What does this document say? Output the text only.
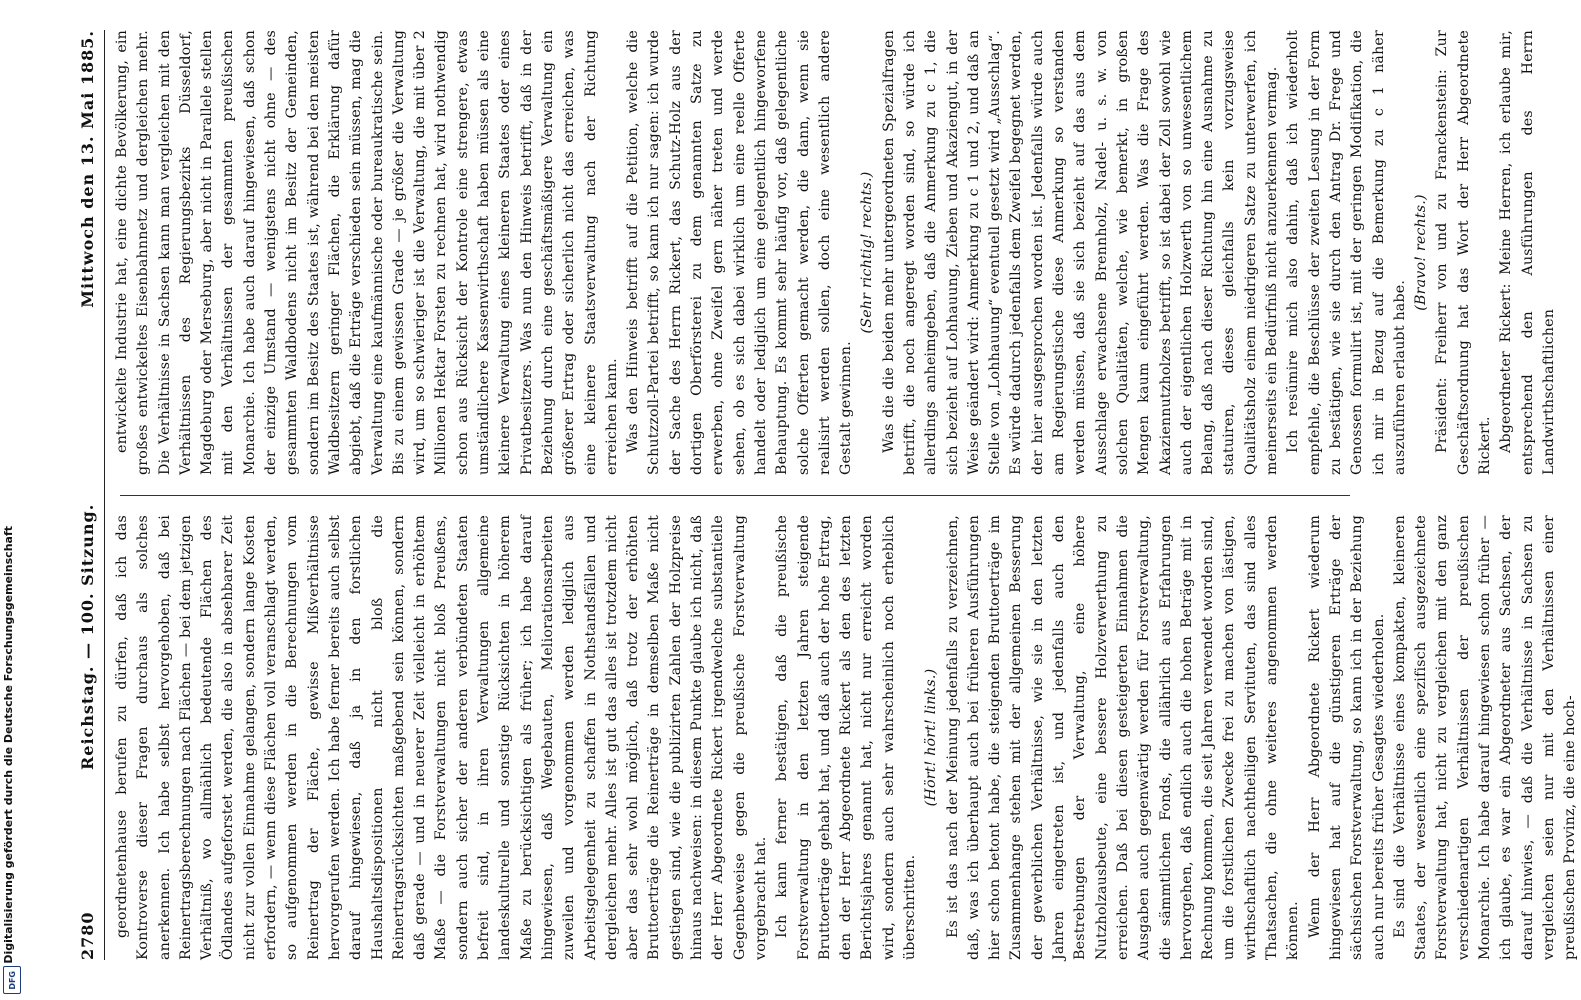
2780
Reichstag. — 100. Sitzung.
Mittwoch den 13. Mai 1885.

geordnetenhause berufen zu dürfen, daß ich das Kontroverse dieser Fragen durchaus als solches anerkennen. Ich habe selbst hervorgehoben, daß bei Reinertragsberechnungen nach Flächen — bei dem jetzigen Verhältniß, wo allmählich bedeutende Flächen des Ödlandes aufgeforstet werden, die also in absehbarer Zeit nicht zur vollen Einnahme gelangen, sondern lange Kosten erfordern, — wenn diese Flächen voll veranschlagt werden, so aufgenommen werden in die Berechnungen vom Reinertrag der Fläche, gewisse Mißverhältnisse hervorgerufen werden. Ich habe ferner bereits auch selbst darauf hingewiesen, daß ja in den forstlichen Haushaltsdispositionen nicht bloß die Reinertragsrücksichten maßgebend sein können, sondern daß gerade — und in neuerer Zeit vielleicht in erhöhtem Maße — die Forstverwaltungen nicht bloß Preußens, sondern auch sicher der anderen verbündeten Staaten befreit sind, in ihren Verwaltungen allgemeine landeskulturelle und sonstige Rücksichten in höherem Maße zu berücksichtigen als früher; ich habe darauf hingewiesen, daß Wegebauten, Meliorationsarbeiten zuweilen und vorgenommen werden lediglich aus Arbeitsgelegenheit zu schaffen in Nothstandsfällen und dergleichen mehr. Alles ist gut das alles ist trotzdem nicht aber das sehr wohl möglich, daß trotz der erhöhten Bruttoerträge die Reinerträge in demselben Maße nicht gestiegen sind, wie die publizirten Zahlen der Holzpreise hinaus nachweisen: in diesem Punkte glaube ich nicht, daß der Herr Abgeordnete Rickert irgendwelche substantielle Gegenbeweise gegen die preußische Forstverwaltung vorgebracht hat. Ich kann ferner bestätigen, daß die preußische Forstverwaltung in den letzten Jahren steigende Bruttoerträge gehabt hat, und daß auch der hohe Ertrag, den der Herr Abgeordnete Rickert als den des letzten Berichtsjahres genannt hat, nicht nur erreicht worden wird, sondern auch sehr wahrscheinlich noch erheblich überschritten.

(Hört! hört! links.) Es ist das nach der Meinung jedenfalls zu verzeichnen, daß, was ich überhaupt auch bei früheren Ausführungen hier schon betont habe, die steigenden Bruttoerträge im Zusammenhange stehen mit der allgemeinen Besserung der gewerblichen Verhältnisse, wie sie in den letzten Jahren eingetreten ist, und jedenfalls auch den Bestrebungen der Verwaltung, eine höhere Nutzholzausbeute, eine bessere Holzverwerthung zu erreichen. Daß bei diesen gesteigerten Einnahmen die Ausgaben auch gegenwärtig werden für Forstverwaltung, die sämmtlichen Fonds, die allährlich aus Erfahrungen hervorgehen, daß endlich auch die hohen Beträge mit in Rechnung kommen, die seit Jahren verwendet worden sind, um die forstlichen Zwecke frei zu machen von lästigen, wirthschaftlich nachtheiligen Servituten, das sind alles Thatsachen, die ohne weiteres angenommen werden können. Wenn der Herr Abgeordnete Rickert wiederum hingewiesen hat auf die günstigeren Erträge der sächsischen Forstverwaltung, so kann ich in der Beziehung auch nur bereits früher Gesagtes wiederholen. Es sind die Verhältnisse eines kompakten, kleineren Staates, der wesentlich eine spezifisch ausgezeichnete Forstverwaltung hat, nicht zu vergleichen mit den ganz verschiedenartigen Verhältnissen der preußischen Monarchie. Ich habe darauf hingewiesen schon früher — ich glaube, es war ein Abgeordneter aus Sachsen, der darauf hinwies, — daß die Verhältnisse in Sachsen zu vergleichen seien nur mit den Verhältnissen einer preußischen Provinz, die eine hoch-

entwickelte Industrie hat, eine dichte Bevölkerung, ein großes entwickeltes Eisenbahnnetz und dergleichen mehr. Die Verhältnisse in Sachsen kann man vergleichen mit den Verhältnissen des Regierungsbezirks Düsseldorf, Magdeburg oder Merseburg, aber nicht in Parallele stellen mit den Verhältnissen der gesammten preußischen Monarchie. Ich habe auch darauf hingewiesen, daß schon der einzige Umstand — wenigstens nicht ohne — des gesammten Waldbodens nicht im Besitz der Gemeinden, sondern im Besitz des Staates ist, während bei den meisten Waldbesitzern geringer Flächen, die Erklärung dafür abgiebt, daß die Erträge verschieden sein müssen, mag die Verwaltung eine kaufmännische oder bureaukratische sein. Bis zu einem gewissen Grade — je größer die Verwaltung wird, um so schwieriger ist die Verwaltung, die mit über 2 Millionen Hektar Forsten zu rechnen hat, wird nothwendig schon aus Rücksicht der Kontrole eine strengere, etwas umständlichere Kassenwirthschaft haben müssen als eine kleinere Verwaltung eines kleineren Staates oder eines Privatbesitzers. Was nun den Hinweis betrifft, daß in der Beziehung durch eine geschäftsmäßigere Verwaltung ein größerer Ertrag oder sicherlich nicht das erreichen, was eine kleinere Staatsverwaltung nach der Richtung erreichen kann. Was den Hinweis betrifft auf die Petition, welche die Schutzzoll-Partei betrifft, so kann ich nur sagen: ich wurde der Sache des Herrn Rickert, das Schutz-Holz aus der dortigen Oberförsterei zu dem genannten Satze zu erwerben, ohne Zweifel gern näher treten und werde sehen, ob es sich dabei wirklich um eine reelle Offerte handelt oder lediglich um eine gelegentlich hingeworfene Behauptung. Es kommt sehr häufig vor, daß gelegentliche solche Offerten gemacht werden, die dann, wenn sie realisirt werden sollen, doch eine wesentlich andere Gestalt gewinnen.

(Sehr richtig! rechts.) Was die die beiden mehr untergeordneten Spezialfragen betrifft, die noch angeregt worden sind, so würde ich allerdings anheimgeben, daß die Anmerkung zu c 1, die sich bezieht auf Lohhauung, Zieben und Akaziengut, in der Weise geändert wird: Anmerkung zu c 1 und 2, und daß an Stelle von „Lohhauung“ eventuell gesetzt wird „Ausschlag“. Es würde dadurch jedenfalls dem Zweifel begegnet werden, der hier ausgesprochen worden ist. Jedenfalls würde auch am Regierungstische diese Anmerkung so verstanden werden müssen, daß sie sich bezieht auf das aus dem Ausschlage erwachsene Brennholz, Nadel- u. s. w. von solchen Qualitäten, welche, wie bemerkt, in großen Mengen kaum eingeführt werden. Was die Frage des Akaziennutzholzes betrifft, so ist dabei der Zoll sowohl wie auch der eigentlichen Holzwerth von so unwesentlichem Belang, daß nach dieser Richtung hin eine Ausnahme zu statuiren, dieses gleichfalls kein vorzugsweise Qualitätsholz einem niedrigeren Satze zu unterwerfen, ich meinerseits ein Bedürfniß nicht anzuerkennen vermag. Ich resümire mich also dahin, daß ich wiederholt empfehle, die Beschlüsse der zweiten Lesung in der Form zu bestätigen, wie sie durch den Antrag Dr. Frege und Genossen formulirt ist, mit der geringen Modifikation, die ich mir in Bezug auf die Bemerkung zu c 1 näher auszuführen erlaubt habe.

(Bravo! rechts.) Präsident: Freiherr von und zu Franckenstein: Zur Geschäftsordnung hat das Wort der Herr Abgeordnete Rickert. Abgeordneter Rickert: Meine Herren, ich erlaube mir, entsprechend den Ausführungen des Herrn Landwirthschaftlichen

Digitalisierung gefördert durch die Deutsche Forschungsgemeinschaft
DFG
